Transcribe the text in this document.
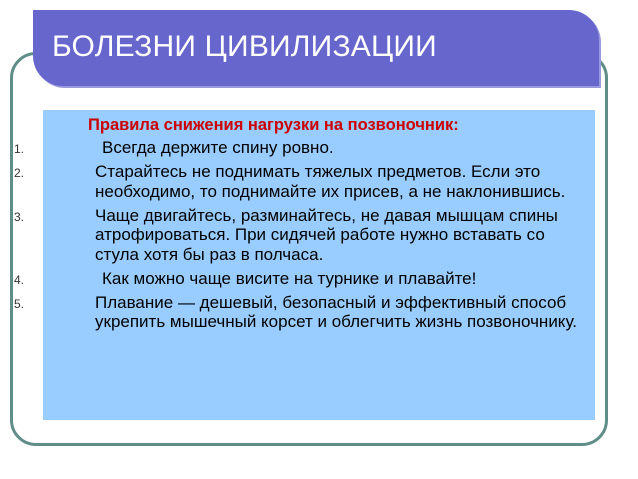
БОЛЕЗНИ ЦИВИЛИЗАЦИИ
Правила снижения нагрузки на позвоночник:
1.	Всегда держите спину ровно.
2.	Старайтесь не поднимать тяжелых предметов. Если это необходимо, то поднимайте их присев, а не наклонившись.
3.	Чаще двигайтесь, разминайтесь, не давая мышцам спины атрофироваться. При сидячей работе нужно вставать со стула хотя бы раз в полчаса.
4.	Как можно чаще висите на турнике и плавайте!
5.	Плавание — дешевый, безопасный и эффективный способ укрепить мышечный корсет и облегчить жизнь позвоночнику.
